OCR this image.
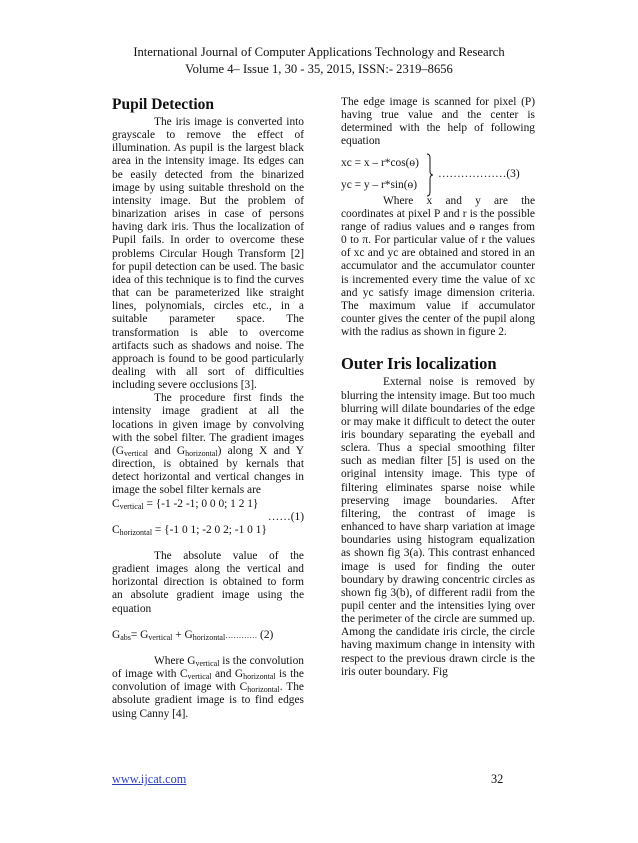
International Journal of Computer Applications Technology and Research
Volume 4– Issue 1, 30 - 35, 2015, ISSN:- 2319–8656
Pupil Detection

The iris image is converted into grayscale to remove the effect of illumination. As pupil is the largest black area in the intensity image. Its edges can be easily detected from the binarized image by using suitable threshold on the intensity image. But the problem of binarization arises in case of persons having dark iris. Thus the localization of Pupil fails. In order to overcome these problems Circular Hough Transform [2] for pupil detection can be used. The basic idea of this technique is to find the curves that can be parameterized like straight lines, polynomials, circles etc., in a suitable parameter space. The transformation is able to overcome artifacts such as shadows and noise. The approach is found to be good particularly dealing with all sort of difficulties including severe occlusions [3].

The procedure first finds the intensity image gradient at all the locations in given image by convolving with the sobel filter. The gradient images ($G_{vertical}$ and $G_{horizontal}$) along X and Y direction, is obtained by kernals that detect horizontal and vertical changes in image the sobel filter kernals are

$C_{vertical} = \{-1$ -2 -1; 0 0 0; 1 2 1}

……(1)

$C_{horizontal} = \{-1$ 0 1; -2 0 2; -1 0 1}

The absolute value of the gradient images along the vertical and horizontal direction is obtained to form an absolute gradient image using the equation

$G_{abs}= G_{vertical}$ + $G_{horizontal}\dots\dots\dots\dots$ (2)

Where $G_{vertical}$ is the convolution of image with $C_{vertical}$ and $G_{horizontal}$ is the convolution of image with $C_{horizontal}$. The absolute gradient image is to find edges using Canny [4].

The edge image is scanned for pixel (P) having true value and the center is determined with the help of following equation

xc = x – r*cos(ɵ)
yc = y – r*sin(ɵ)
………………(3)

Where x and y are the coordinates at pixel P and r is the possible range of radius values and ɵ ranges from 0 to π. For particular value of r the values of xc and yc are obtained and stored in an accumulator and the accumulator counter is incremented every time the value of xc and yc satisfy image dimension criteria. The maximum value if accumulator counter gives the center of the pupil along with the radius as shown in figure 2.

Outer Iris localization

External noise is removed by blurring the intensity image. But too much blurring will dilate boundaries of the edge or may make it difficult to detect the outer iris boundary separating the eyeball and sclera. Thus a special smoothing filter such as median filter [5] is used on the original intensity image. This type of filtering eliminates sparse noise while preserving image boundaries. After filtering, the contrast of image is enhanced to have sharp variation at image boundaries using histogram equalization as shown fig 3(a). This contrast enhanced image is used for finding the outer boundary by drawing concentric circles as shown fig 3(b), of different radii from the pupil center and the intensities lying over the perimeter of the circle are summed up. Among the candidate iris circle, the circle having maximum change in intensity with respect to the previous drawn circle is the iris outer boundary. Fig

www.ijcat.com	32
